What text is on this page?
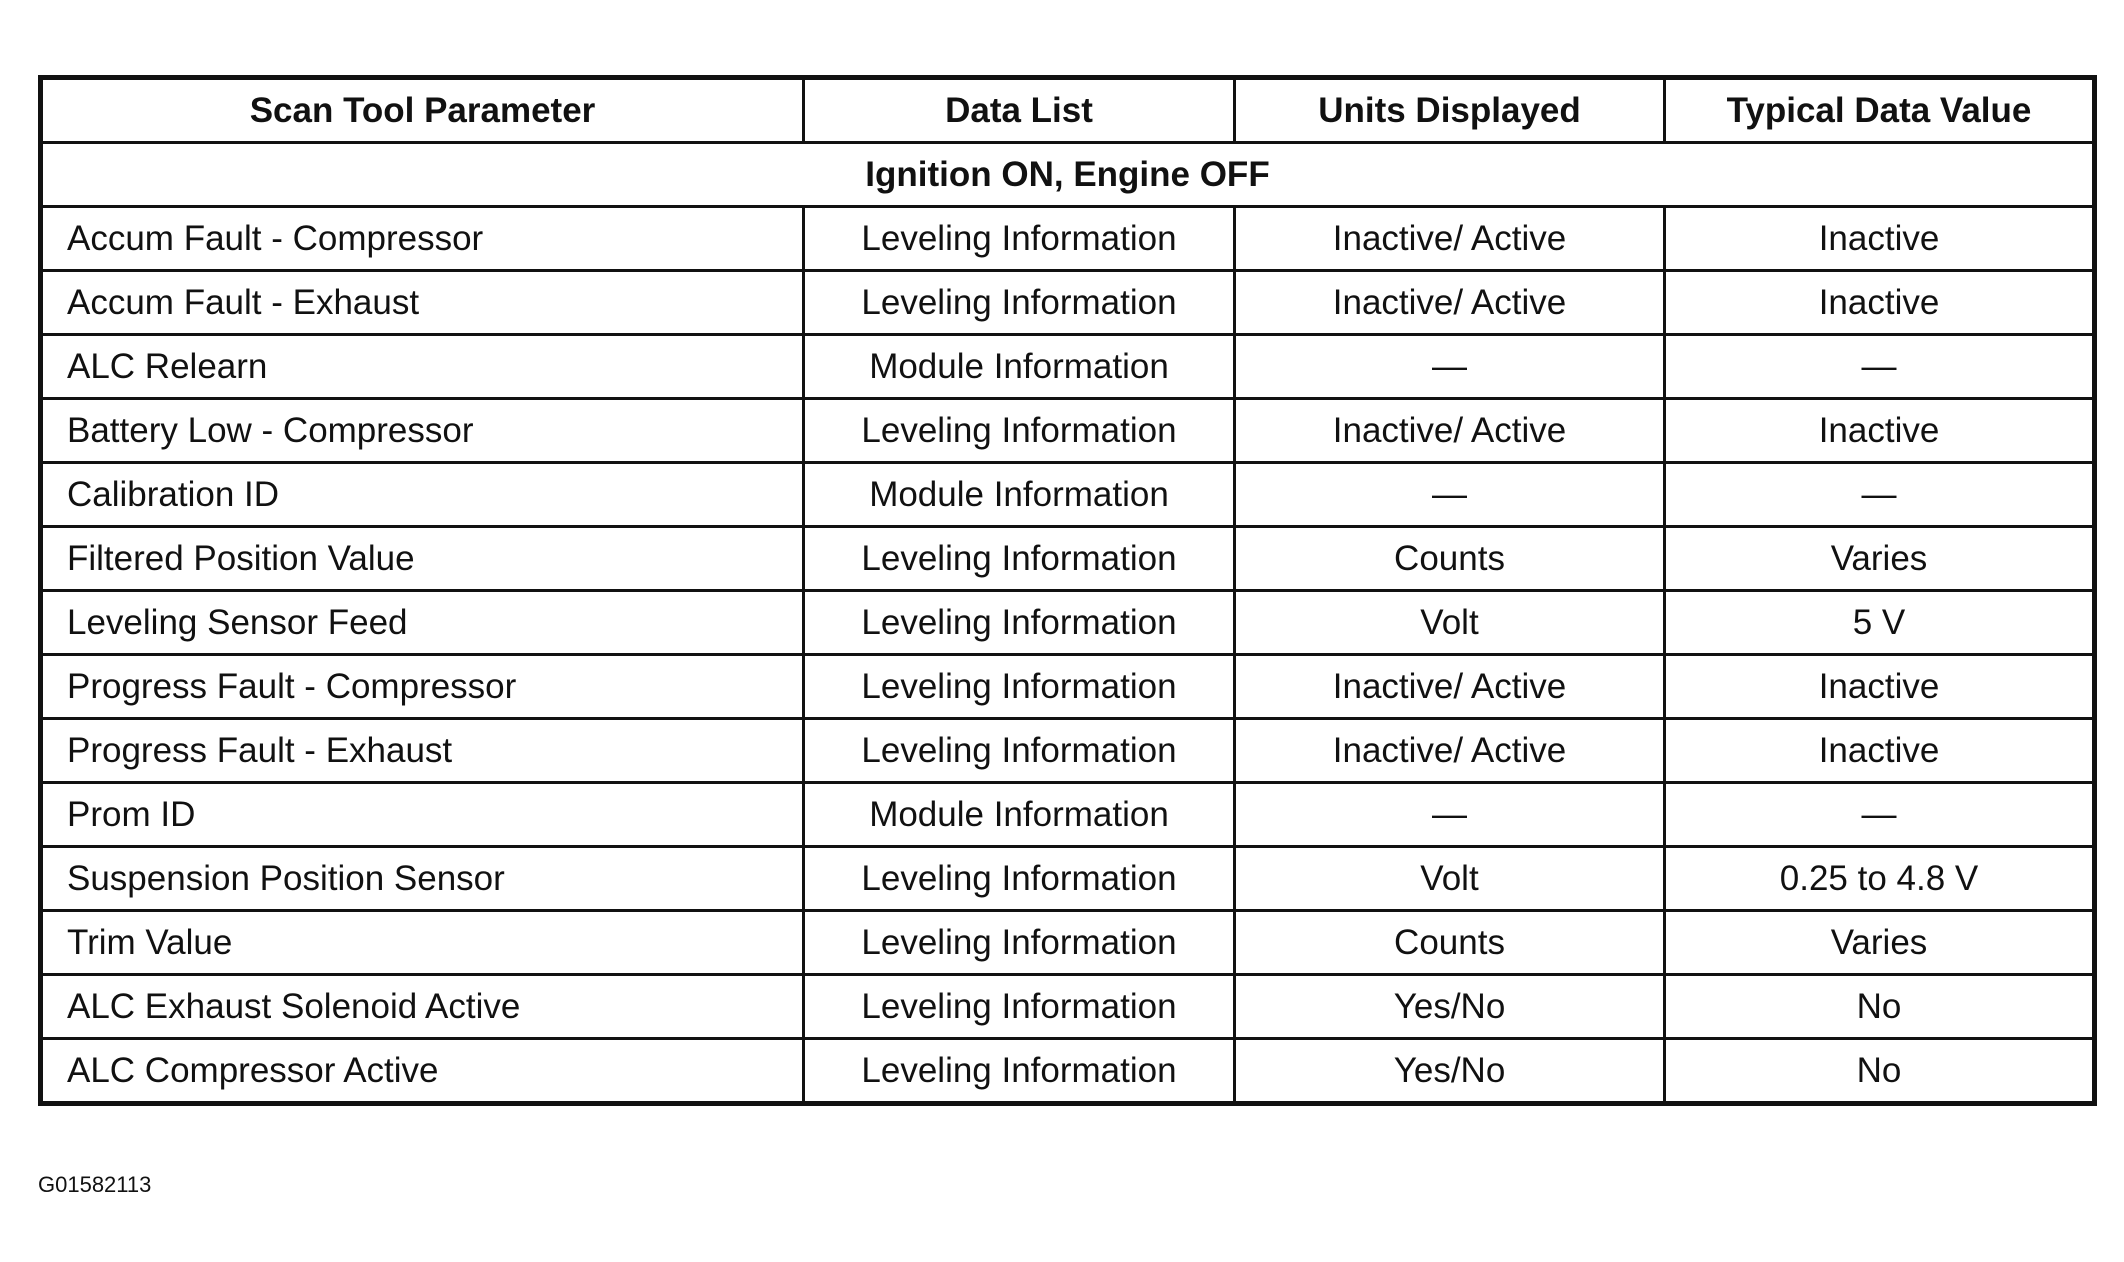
Scan Tool Parameter	Data List	Units Displayed	Typical Data Value
Ignition ON, Engine OFF			
Accum Fault - Compressor	Leveling Information	Inactive/ Active	Inactive
Accum Fault - Exhaust	Leveling Information	Inactive/ Active	Inactive
ALC Relearn	Module Information	—	—
Battery Low - Compressor	Leveling Information	Inactive/ Active	Inactive
Calibration ID	Module Information	—	—
Filtered Position Value	Leveling Information	Counts	Varies
Leveling Sensor Feed	Leveling Information	Volt	5 V
Progress Fault - Compressor	Leveling Information	Inactive/ Active	Inactive
Progress Fault - Exhaust	Leveling Information	Inactive/ Active	Inactive
Prom ID	Module Information	—	—
Suspension Position Sensor	Leveling Information	Volt	0.25 to 4.8 V
Trim Value	Leveling Information	Counts	Varies
ALC Exhaust Solenoid Active	Leveling Information	Yes/No	No
ALC Compressor Active	Leveling Information	Yes/No	No
G01582113
